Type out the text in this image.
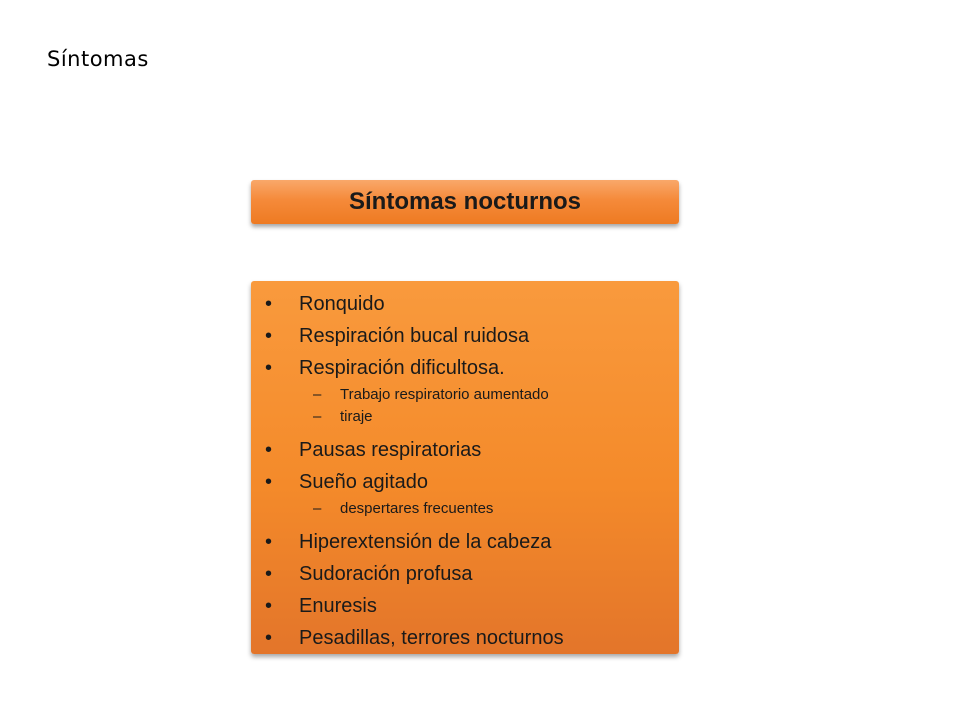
Síntomas
Síntomas nocturnos
• Ronquido
• Respiración bucal ruidosa
• Respiración dificultosa.
– Trabajo respiratorio aumentado
– tiraje
• Pausas respiratorias
• Sueño agitado
– despertares frecuentes
• Hiperextensión de la cabeza
• Sudoración profusa
• Enuresis
• Pesadillas, terrores nocturnos
